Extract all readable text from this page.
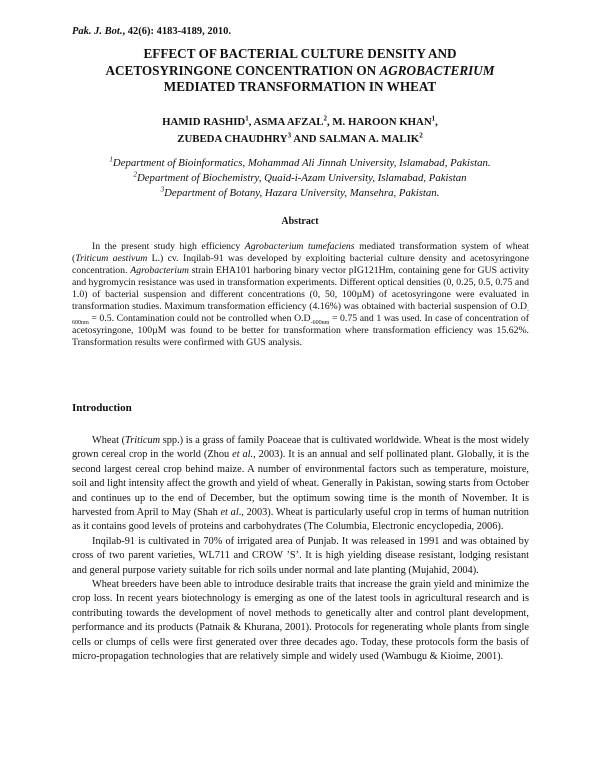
Pak. J. Bot., 42(6): 4183-4189, 2010.
EFFECT OF BACTERIAL CULTURE DENSITY AND
ACETOSYRINGONE CONCENTRATION ON AGROBACTERIUM
MEDIATED TRANSFORMATION IN WHEAT
HAMID RASHID$^1$, ASMA AFZAL$^2$, M. HAROON KHAN$^1$,
ZUBEDA CHAUDHRY$^3$ AND SALMAN A. MALIK$^2$
$^1$Department of Bioinformatics, Mohammad Ali Jinnah University, Islamabad, Pakistan.
$^2$Department of Biochemistry, Quaid-i-Azam University, Islamabad, Pakistan
$^3$Department of Botany, Hazara University, Mansehra, Pakistan.
Abstract

In the present study high efficiency Agrobacterium tumefaciens mediated transformation system of wheat (Triticum aestivum L.) cv. Inqilab-91 was developed by exploiting bacterial culture density and acetosyringone concentration. Agrobacterium strain EHA101 harboring binary vector pIG121Hm, containing gene for GUS activity and hygromycin resistance was used in transformation experiments. Different optical densities (0, 0.25, 0.5, 0.75 and 1.0) of bacterial suspension and different concentrations (0, 50, 100µM) of acetosyringone were evaluated in transformation studies. Maximum transformation efficiency (4.16%) was obtained with bacterial suspension of $O.D_{-600nm} = 0.5$. Contamination could not be controlled when $O.D_{-600nm} = 0.75$ and 1 was used. In case of concentration of acetosyringone, 100µM was found to be better for transformation where transformation efficiency was 15.62%. Transformation results were confirmed with GUS analysis.

Introduction

Wheat (Triticum spp.) is a grass of family Poaceae that is cultivated worldwide. Wheat is the most widely grown cereal crop in the world (Zhou et al., 2003). It is an annual and self pollinated plant. Globally, it is the second largest cereal crop behind maize. A number of environmental factors such as temperature, moisture, soil and light intensity affect the growth and yield of wheat. Generally in Pakistan, sowing starts from October and continues up to the end of December, but the optimum sowing time is the month of November. It is harvested from April to May (Shah et al., 2003). Wheat is particularly useful crop in terms of human nutrition as it contains good levels of proteins and carbohydrates (The Columbia, Electronic encyclopedia, 2006).

Inqilab-91 is cultivated in 70% of irrigated area of Punjab. It was released in 1991 and was obtained by cross of two parent varieties, WL711 and CROW ’S’. It is high yielding disease resistant, lodging resistant and general purpose variety suitable for rich soils under normal and late planting (Mujahid, 2004).

Wheat breeders have been able to introduce desirable traits that increase the grain yield and minimize the crop loss. In recent years biotechnology is emerging as one of the latest tools in agricultural research and is contributing towards the development of novel methods to genetically alter and control plant development, performance and its products (Patnaik & Khurana, 2001). Protocols for regenerating whole plants from single cells or clumps of cells were first generated over three decades ago. Today, these protocols form the basis of micro-propagation technologies that are relatively simple and widely used (Wambugu & Kioime, 2001).
